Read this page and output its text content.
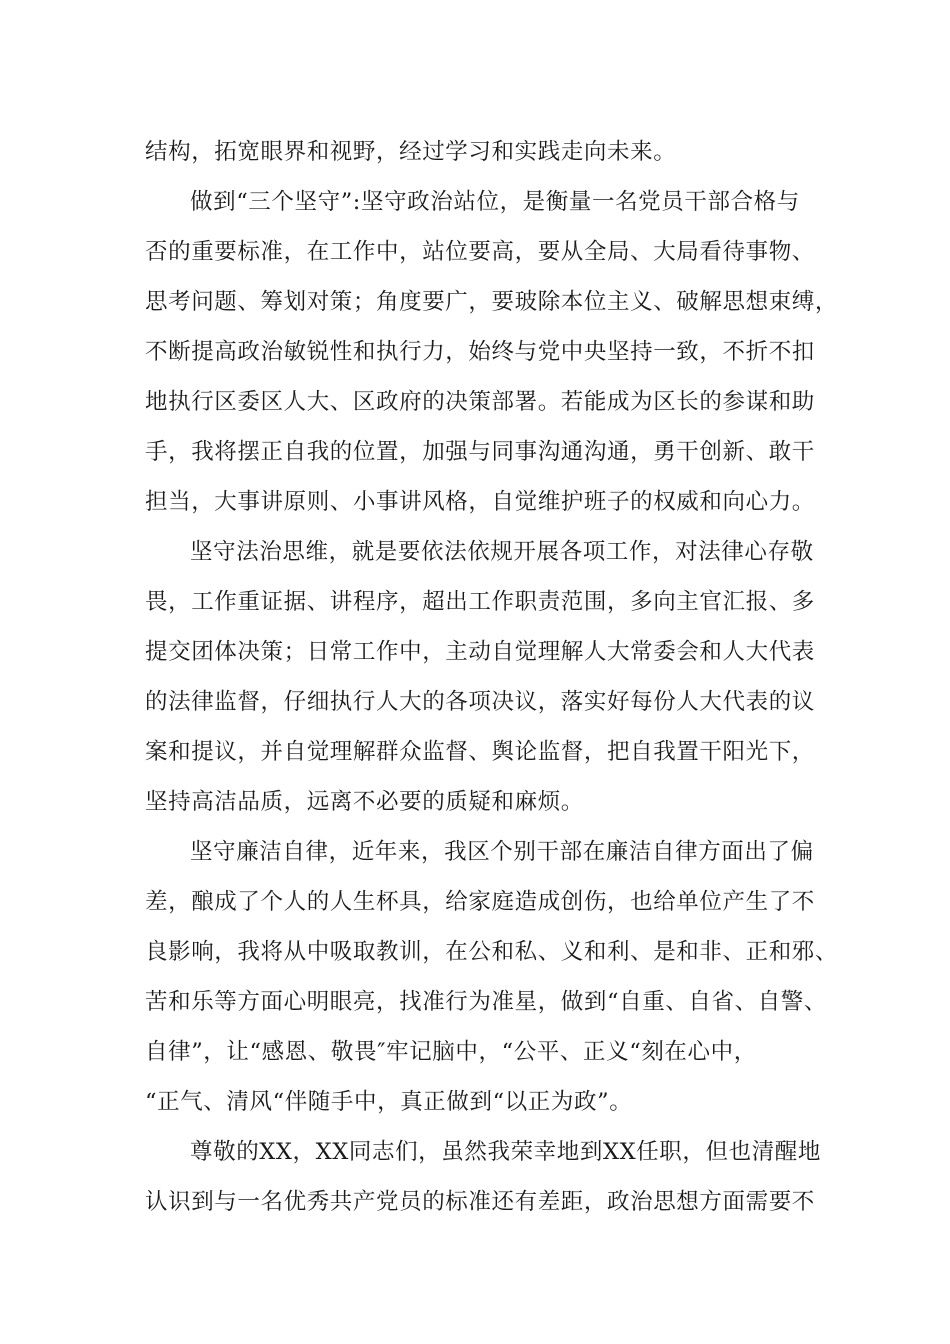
结构，拓宽眼界和视野，经过学习和实践走向未来。
做到“三个坚守”:坚守政治站位，是衡量一名党员干部合格与
否的重要标准，在工作中，站位要高，要从全局、大局看待事物、
思考问题、筹划对策；角度要广，要玻除本位主义、破解思想束缚，
不断提高政治敏锐性和执行力，始终与党中央坚持一致，不折不扣
地执行区委区人大、区政府的决策部署。若能成为区长的参谋和助
手，我将摆正自我的位置，加强与同事沟通沟通，勇干创新、敢干
担当，大事讲原则、小事讲风格，自觉维护班子的权威和向心力。
坚守法治思维，就是要依法依规开展各项工作，对法律心存敬
畏，工作重证据、讲程序，超出工作职责范围，多向主官汇报、多
提交团体决策；日常工作中，主动自觉理解人大常委会和人大代表
的法律监督，仔细执行人大的各项决议，落实好每份人大代表的议
案和提议，并自觉理解群众监督、舆论监督，把自我置干阳光下，
坚持高洁品质，远离不必要的质疑和麻烦。
坚守廉洁自律，近年来，我区个别干部在廉洁自律方面出了偏
差，酿成了个人的人生杯具，给家庭造成创伤，也给单位产生了不
良影响，我将从中吸取教训，在公和私、义和利、是和非、正和邪、
苦和乐等方面心明眼亮，找准行为准星，做到“自重、自省、自警、
自律”，让“感恩、敬畏″牢记脑中，“公平、正义“刻在心中，
“正气、清风“伴随手中，真正做到“以正为政”。
尊敬的XX，XX同志们，虽然我荣幸地到XX任职，但也清醒地
认识到与一名优秀共产党员的标准还有差距，政治思想方面需要不
